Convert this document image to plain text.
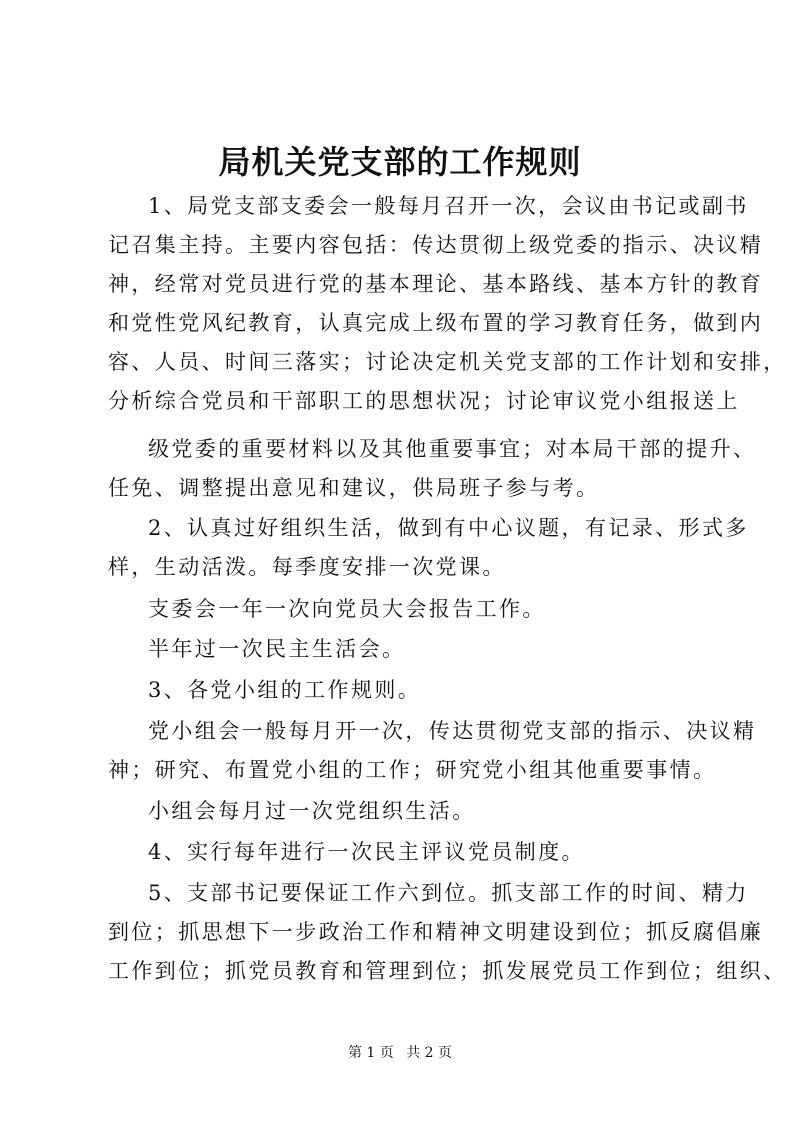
局机关党支部的工作规则
1、局党支部支委会一般每月召开一次，会议由书记或副书
记召集主持。主要内容包括：传达贯彻上级党委的指示、决议精
神，经常对党员进行党的基本理论、基本路线、基本方针的教育
和党性党风纪教育，认真完成上级布置的学习教育任务，做到内
容、人员、时间三落实；讨论决定机关党支部的工作计划和安排，
分析综合党员和干部职工的思想状况；讨论审议党小组报送上
级党委的重要材料以及其他重要事宜；对本局干部的提升、
任免、调整提出意见和建议，供局班子参与考。
2、认真过好组织生活，做到有中心议题，有记录、形式多
样，生动活泼。每季度安排一次党课。
支委会一年一次向党员大会报告工作。
半年过一次民主生活会。
3、各党小组的工作规则。
党小组会一般每月开一次，传达贯彻党支部的指示、决议精
神；研究、布置党小组的工作；研究党小组其他重要事情。
小组会每月过一次党组织生活。
4、实行每年进行一次民主评议党员制度。
5、支部书记要保证工作六到位。抓支部工作的时间、精力
到位；抓思想下一步政治工作和精神文明建设到位；抓反腐倡廉
工作到位；抓党员教育和管理到位；抓发展党员工作到位；组织、
第 1 页 共 2 页
